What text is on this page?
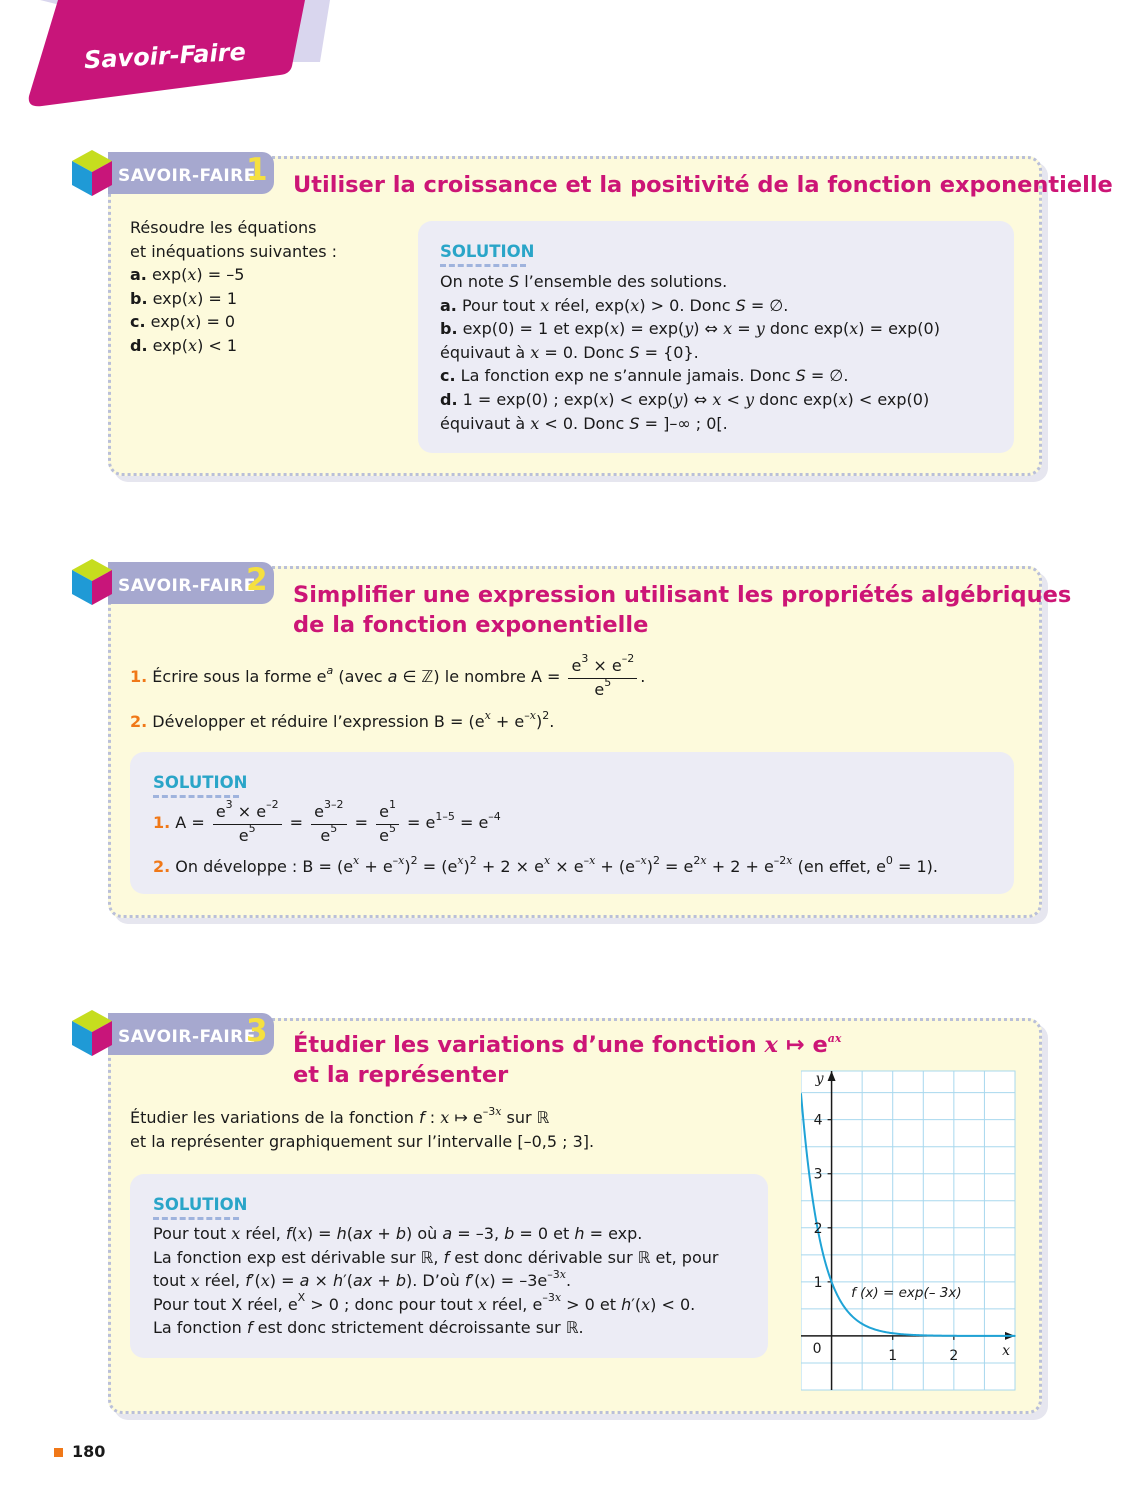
Savoir-Faire
SAVOIR-FAIRE
1 Utiliser la croissance et la positivité de la fonction exponentielle
Résoudre les équations
et inéquations suivantes :
a. exp(x) = –5
b. exp(x) = 1
c. exp(x) = 0
d. exp(x) < 1
SOLUTION
On note S l’ensemble des solutions.
a. Pour tout x réel, exp(x) > 0. Donc S = ∅.
b. exp(0) = 1 et exp(x) = exp(y) ⇔ x = y donc exp(x) = exp(0)
équivaut à x = 0. Donc S = {0}.
c. La fonction exp ne s’annule jamais. Donc S = ∅.
d. 1 = exp(0) ; exp(x) < exp(y) ⇔ x < y donc exp(x) < exp(0)
équivaut à x < 0. Donc S = ]–∞ ; 0[.
SAVOIR-FAIRE
2 Simplifier une expression utilisant les propriétés algébriques
de la fonction exponentielle
1. Écrire sous la forme $e^a$ (avec a ∈ ℤ) le nombre $A = \frac{e^3 \times e^{-2}}{e^5}$ .
2. Développer et réduire l’expression $B = (e^x + e^{-x})^2$.
SOLUTION
1. $A = \frac{e^3 \times e^{-2}}{e^5} = \frac{e^{3-2}}{e^5} = \frac{e^1}{e^5} = e^{1-5} = e^{-4}$
2. On développe : $B = (e^x + e^{-x})^2 = (e^x)^2 + 2 \times e^x \times e^{-x} + (e^{-x})^2 = e^{2x} + 2 + e^{-2x}$ (en effet, $e^0 = 1$).
SAVOIR-FAIRE
3 Étudier les variations d’une fonction x ↦ $e^{ax}$
et la représenter
Étudier les variations de la fonction f : x ↦ $e^{-3x}$ sur ℝ
et la représenter graphiquement sur l’intervalle [–0,5 ; 3].
SOLUTION
Pour tout x réel, f(x) = h(ax + b) où a = –3, b = 0 et h = exp.
La fonction exp est dérivable sur ℝ, f est donc dérivable sur ℝ et, pour
tout x réel, f′(x) = a × h′(ax + b). D’où $f'(x) = -3e^{-3x}$.
Pour tout X réel, $e^X > 0$ ; donc pour tout x réel, $e^{-3x} > 0$ et h′(x) < 0.
La fonction f est donc strictement décroissante sur ℝ.
1
2
3
4
1	2
0	x
y
f (x) = exp(– 3x)
180
